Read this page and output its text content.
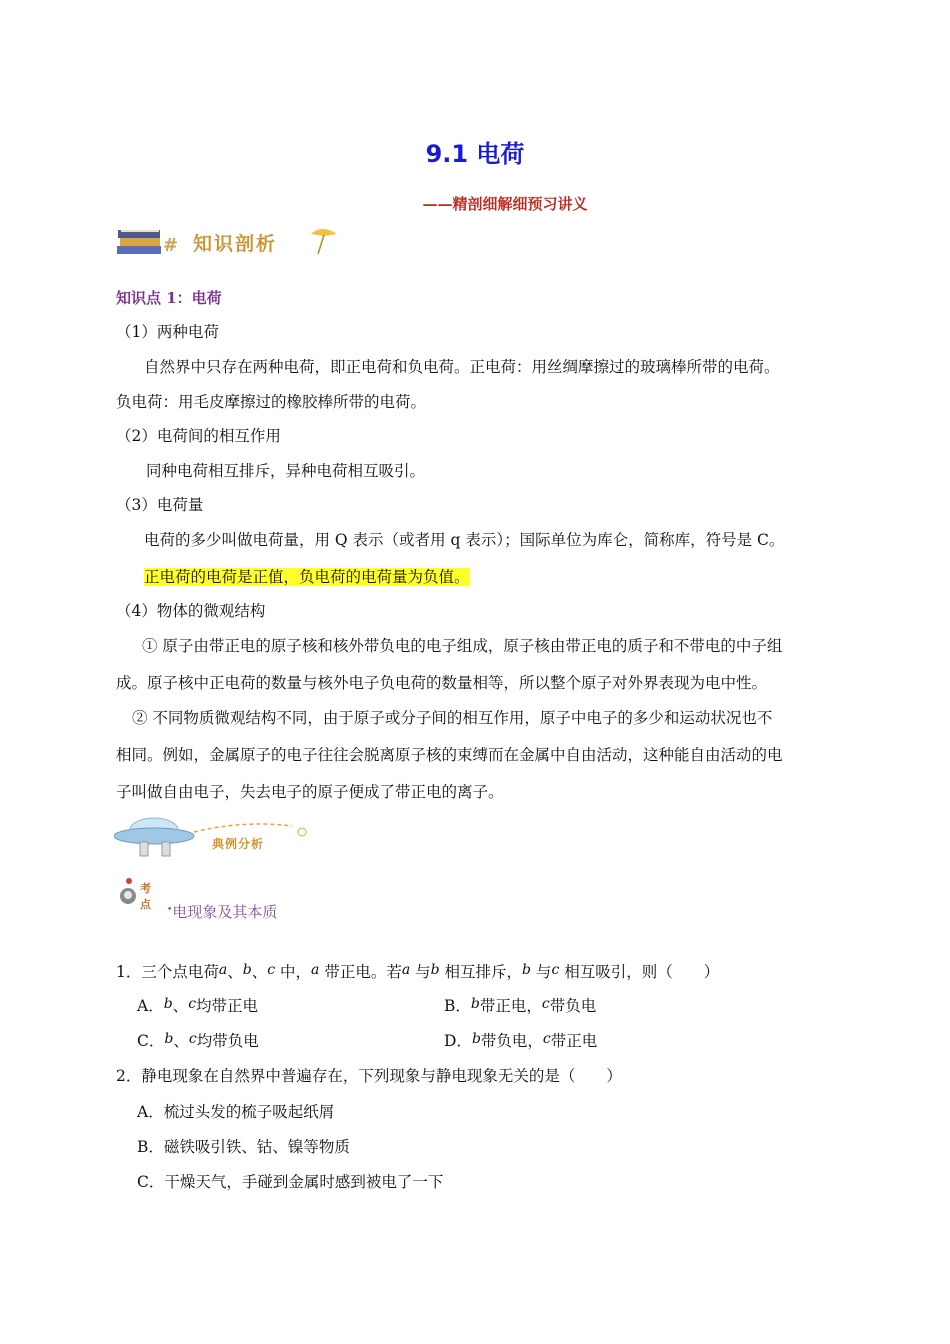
9.1 电荷
——精剖细解细预习讲义
# 知识剖析
知识点 1：电荷
（1）两种电荷
自然界中只存在两种电荷，即正电荷和负电荷。正电荷：用丝绸摩擦过的玻璃棒所带的电荷。
负电荷：用毛皮摩擦过的橡胶棒所带的电荷。
（2）电荷间的相互作用
同种电荷相互排斥，异种电荷相互吸引。
（3）电荷量
电荷的多少叫做电荷量，用 Q 表示（或者用 q 表示）；国际单位为库仑，简称库，符号是 C。
正电荷的电荷是正值，负电荷的电荷量为负值。
（4）物体的微观结构
① 原子由带正电的原子核和核外带负电的电子组成，原子核由带正电的质子和不带电的中子组
成。原子核中正电荷的数量与核外电子负电荷的数量相等，所以整个原子对外界表现为电中性。
② 不同物质微观结构不同，由于原子或分子间的相互作用，原子中电子的多少和运动状况也不
相同。例如，金属原子的电子往往会脱离原子核的束缚而在金属中自由活动，这种能自由活动的电
子叫做自由电子，失去电子的原子便成了带正电的离子。
典例分析
考
点 •电现象及其本质
1．三个点电荷a、b、c 中，a 带正电。若a 与b 相互排斥，b 与c 相互吸引，则（　　）
A．b、c均带正电	B．b带正电，c带负电
C．b、c均带负电	D．b带负电，c带正电
2．静电现象在自然界中普遍存在，下列现象与静电现象无关的是（　　）
A．梳过头发的梳子吸起纸屑
B．磁铁吸引铁、钴、镍等物质
C．干燥天气，手碰到金属时感到被电了一下
